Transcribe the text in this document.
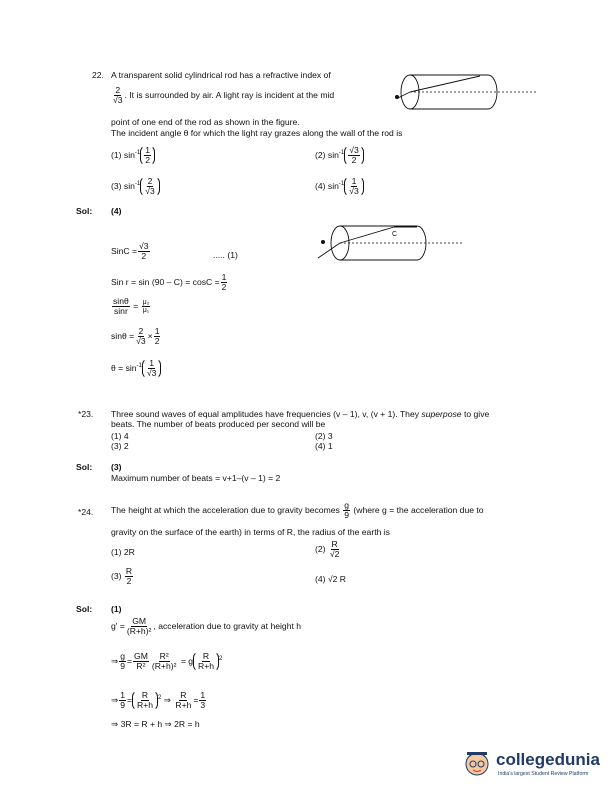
22. A transparent solid cylindrical rod has a refractive index of
$\frac{2}{√3}$ . It is surrounded by air. A light ray is incident at the mid
point of one end of the rod as shown in the figure.
The incident angle θ for which the light ray grazes along the wall of the rod is
(1) $\sin^{-1} \frac{1}{2}$	(2) $\sin^{-1} \frac{√3}{2}$
(3) $\sin^{-1} \frac{2}{√3}$	(4) $\sin^{-1} \frac{1}{√3}$
Sol: (4)
SinC = $\frac{√3}{2}$	..... (1)
C
Sin $r = \sin (90 - C) = \cos C = \frac{1}{2}$
$\frac{\sin\theta}{\sin r} = \frac{\text{μ₂}}{\text{μ₁}}$
$\sin\theta = \frac{2}{√3} \times \frac{1}{2}$
$\theta = \sin^{-1} \frac{1}{√3}$
*23. Three sound waves of equal amplitudes have frequencies (v – 1), v, (v + 1). They superpose to give
beats. The number of beats produced per second will be
(1) 4	(2) 3
(3) 2	(4) 1
Sol: (3)
Maximum number of beats = v+1–(v – 1) = 2
*24. The height at which the acceleration due to gravity becomes $\frac{g}{9}$ (where g = the acceleration due to
gravity on the surface of the earth) in terms of R, the radius of the earth is
(1) 2R	$(2) \frac{R}{√2}$
$(3) \frac{R}{2}$	(4) √2 R
Sol: (1)
$g' = \frac{GM}{\text{(R+h)²}}$ , acceleration due to gravity at height h
⇒ $\frac{g}{9} = \frac{GM}{\text{R²}} \frac{\text{R²}}{\text{(R+h)²}} = g \frac{R}{R+h} ^2$
⇒ $\frac{1}{9} = \frac{R}{R+h} ^2$ ⇒ $\frac{R}{R+h} = \frac{1}{3}$
⇒ 3R = R + h ⇒ 2R = h
collegedunia
India's largest Student Review Platform
